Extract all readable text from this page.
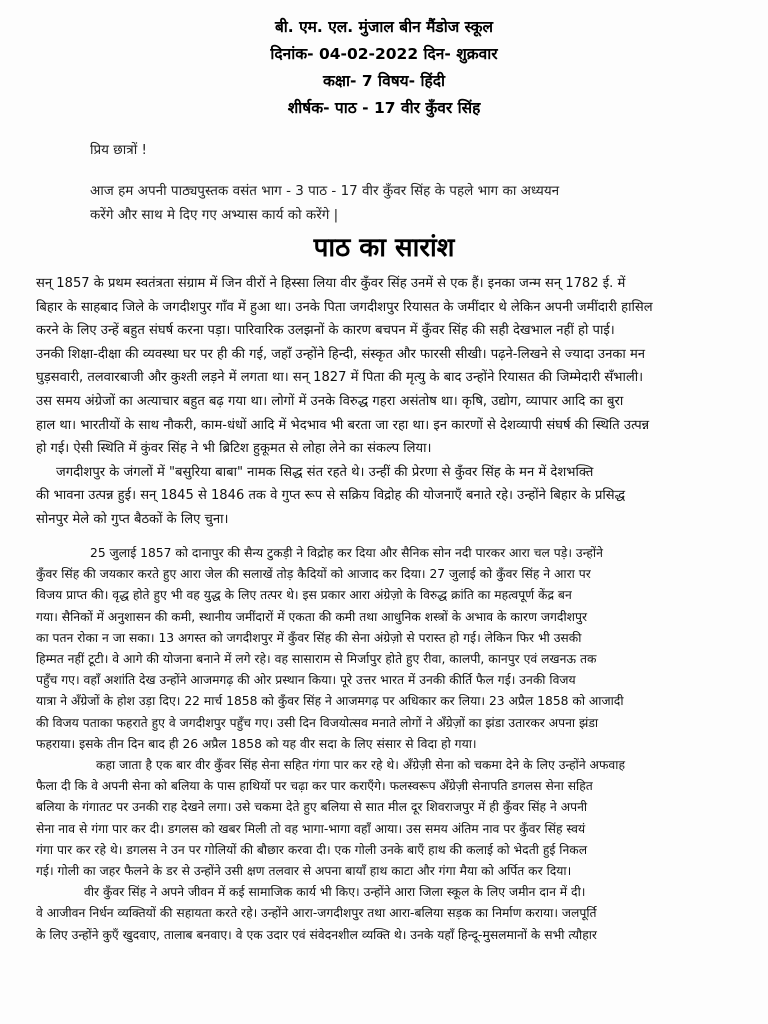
बी. एम. एल. मुंजाल बीन मैंडोज स्कूल
दिनांक- 04-02-2022 दिन- शुक्रवार
कक्षा- 7 विषय- हिंदी
शीर्षक- पाठ - 17 वीर कुँवर सिंह
प्रिय छात्रों !
आज हम अपनी पाठ्यपुस्तक वसंत भाग - 3 पाठ - 17 वीर कुँवर सिंह के पहले भाग का अध्ययन
करेंगे और साथ मे दिए गए अभ्यास कार्य को करेंगे |
पाठ का सारांश
सन् 1857 के प्रथम स्वतंत्रता संग्राम में जिन वीरों ने हिस्सा लिया वीर कुँवर सिंह उनमें से एक हैं। इनका जन्म सन् 1782 ई. में
बिहार के साहबाद जिले के जगदीशपुर गाँव में हुआ था। उनके पिता जगदीशपुर रियासत के जमींदार थे लेकिन अपनी जमींदारी हासिल
करने के लिए उन्हें बहुत संघर्ष करना पड़ा। पारिवारिक उलझनों के कारण बचपन में कुँवर सिंह की सही देखभाल नहीं हो पाई।
उनकी शिक्षा-दीक्षा की व्यवस्था घर पर ही की गई, जहाँ उन्होंने हिन्दी, संस्कृत और फारसी सीखी। पढ़ने-लिखने से ज्यादा उनका मन
घुड़सवारी, तलवारबाजी और कुश्ती लड़ने में लगता था। सन् 1827 में पिता की मृत्यु के बाद उन्होंने रियासत की जिम्मेदारी सँभाली।
उस समय अंग्रेजों का अत्याचार बहुत बढ़ गया था। लोगों में उनके विरुद्ध गहरा असंतोष था। कृषि, उद्योग, व्यापार आदि का बुरा
हाल था। भारतीयों के साथ नौकरी, काम-धंधों आदि में भेदभाव भी बरता जा रहा था। इन कारणों से देशव्यापी संघर्ष की स्थिति उत्पन्न
हो गई। ऐसी स्थिति में कुंवर सिंह ने भी ब्रिटिश हुकूमत से लोहा लेने का संकल्प लिया।
जगदीशपुर के जंगलों में "बसुरिया बाबा" नामक सिद्ध संत रहते थे। उन्हीं की प्रेरणा से कुँवर सिंह के मन में देशभक्ति
की भावना उत्पन्न हुई। सन् 1845 से 1846 तक वे गुप्त रूप से सक्रिय विद्रोह की योजनाएँ बनाते रहे। उन्होंने बिहार के प्रसिद्ध
सोनपुर मेले को गुप्त बैठकों के लिए चुना।
25 जुलाई 1857 को दानापुर की सैन्य टुकड़ी ने विद्रोह कर दिया और सैनिक सोन नदी पारकर आरा चल पड़े। उन्होंने
कुँवर सिंह की जयकार करते हुए आरा जेल की सलाखें तोड़ कैदियों को आजाद कर दिया। 27 जुलाई को कुँवर सिंह ने आरा पर
विजय प्राप्त की। वृद्ध होते हुए भी वह युद्ध के लिए तत्पर थे। इस प्रकार आरा अंग्रेज़ो के विरुद्ध क्रांति का महत्वपूर्ण केंद्र बन
गया। सैनिकों में अनुशासन की कमी, स्थानीय जमींदारों में एकता की कमी तथा आधुनिक शस्त्रों के अभाव के कारण जगदीशपुर
का पतन रोका न जा सका। 13 अगस्त को जगदीशपुर में कुँवर सिंह की सेना अंग्रेज़ो से परास्त हो गई। लेकिन फिर भी उसकी
हिम्मत नहीं टूटी। वे आगे की योजना बनाने में लगे रहे। वह सासाराम से मिर्जापुर होते हुए रीवा, कालपी, कानपुर एवं लखनऊ तक
पहुँच गए। वहाँ अशांति देख उन्होंने आजमगढ़ की ओर प्रस्थान किया। पूरे उत्तर भारत में उनकी कीर्ति फैल गई। उनकी विजय
यात्रा ने अँग्रेजों के होश उड़ा दिए। 22 मार्च 1858 को कुँवर सिंह ने आजमगढ़ पर अधिकार कर लिया। 23 अप्रैल 1858 को आजादी
की विजय पताका फहराते हुए वे जगदीशपुर पहुँच गए। उसी दिन विजयोत्सव मनाते लोगों ने अँग्रेज़ों का झंडा उतारकर अपना झंडा
फहराया। इसके तीन दिन बाद ही 26 अप्रैल 1858 को यह वीर सदा के लिए संसार से विदा हो गया।
कहा जाता है एक बार वीर कुँवर सिंह सेना सहित गंगा पार कर रहे थे। अँग्रेज़ी सेना को चकमा देने के लिए उन्होंने अफवाह
फैला दी कि वे अपनी सेना को बलिया के पास हाथियों पर चढ़ा कर पार कराएँगे। फलस्वरूप अँग्रेज़ी सेनापति डगलस सेना सहित
बलिया के गंगातट पर उनकी राह देखने लगा। उसे चकमा देते हुए बलिया से सात मील दूर शिवराजपुर में ही कुँवर सिंह ने अपनी
सेना नाव से गंगा पार कर दी। डगलस को खबर मिली तो वह भागा-भागा वहाँ आया। उस समय अंतिम नाव पर कुँवर सिंह स्वयं
गंगा पार कर रहे थे। डगलस ने उन पर गोलियों की बौछार करवा दी। एक गोली उनके बाएँ हाथ की कलाई को भेदती हुई निकल
गई। गोली का जहर फैलने के डर से उन्होंने उसी क्षण तलवार से अपना बायाँ हाथ काटा और गंगा मैया को अर्पित कर दिया।
वीर कुँवर सिंह ने अपने जीवन में कई सामाजिक कार्य भी किए। उन्होंने आरा जिला स्कूल के लिए जमीन दान में दी।
वे आजीवन निर्धन व्यक्तियों की सहायता करते रहे। उन्होंने आरा-जगदीशपुर तथा आरा-बलिया सड़क का निर्माण कराया। जलपूर्ति
के लिए उन्होंने कुएँ खुदवाए, तालाब बनवाए। वे एक उदार एवं संवेदनशील व्यक्ति थे। उनके यहाँ हिन्दू-मुसलमानों के सभी त्यौहार
